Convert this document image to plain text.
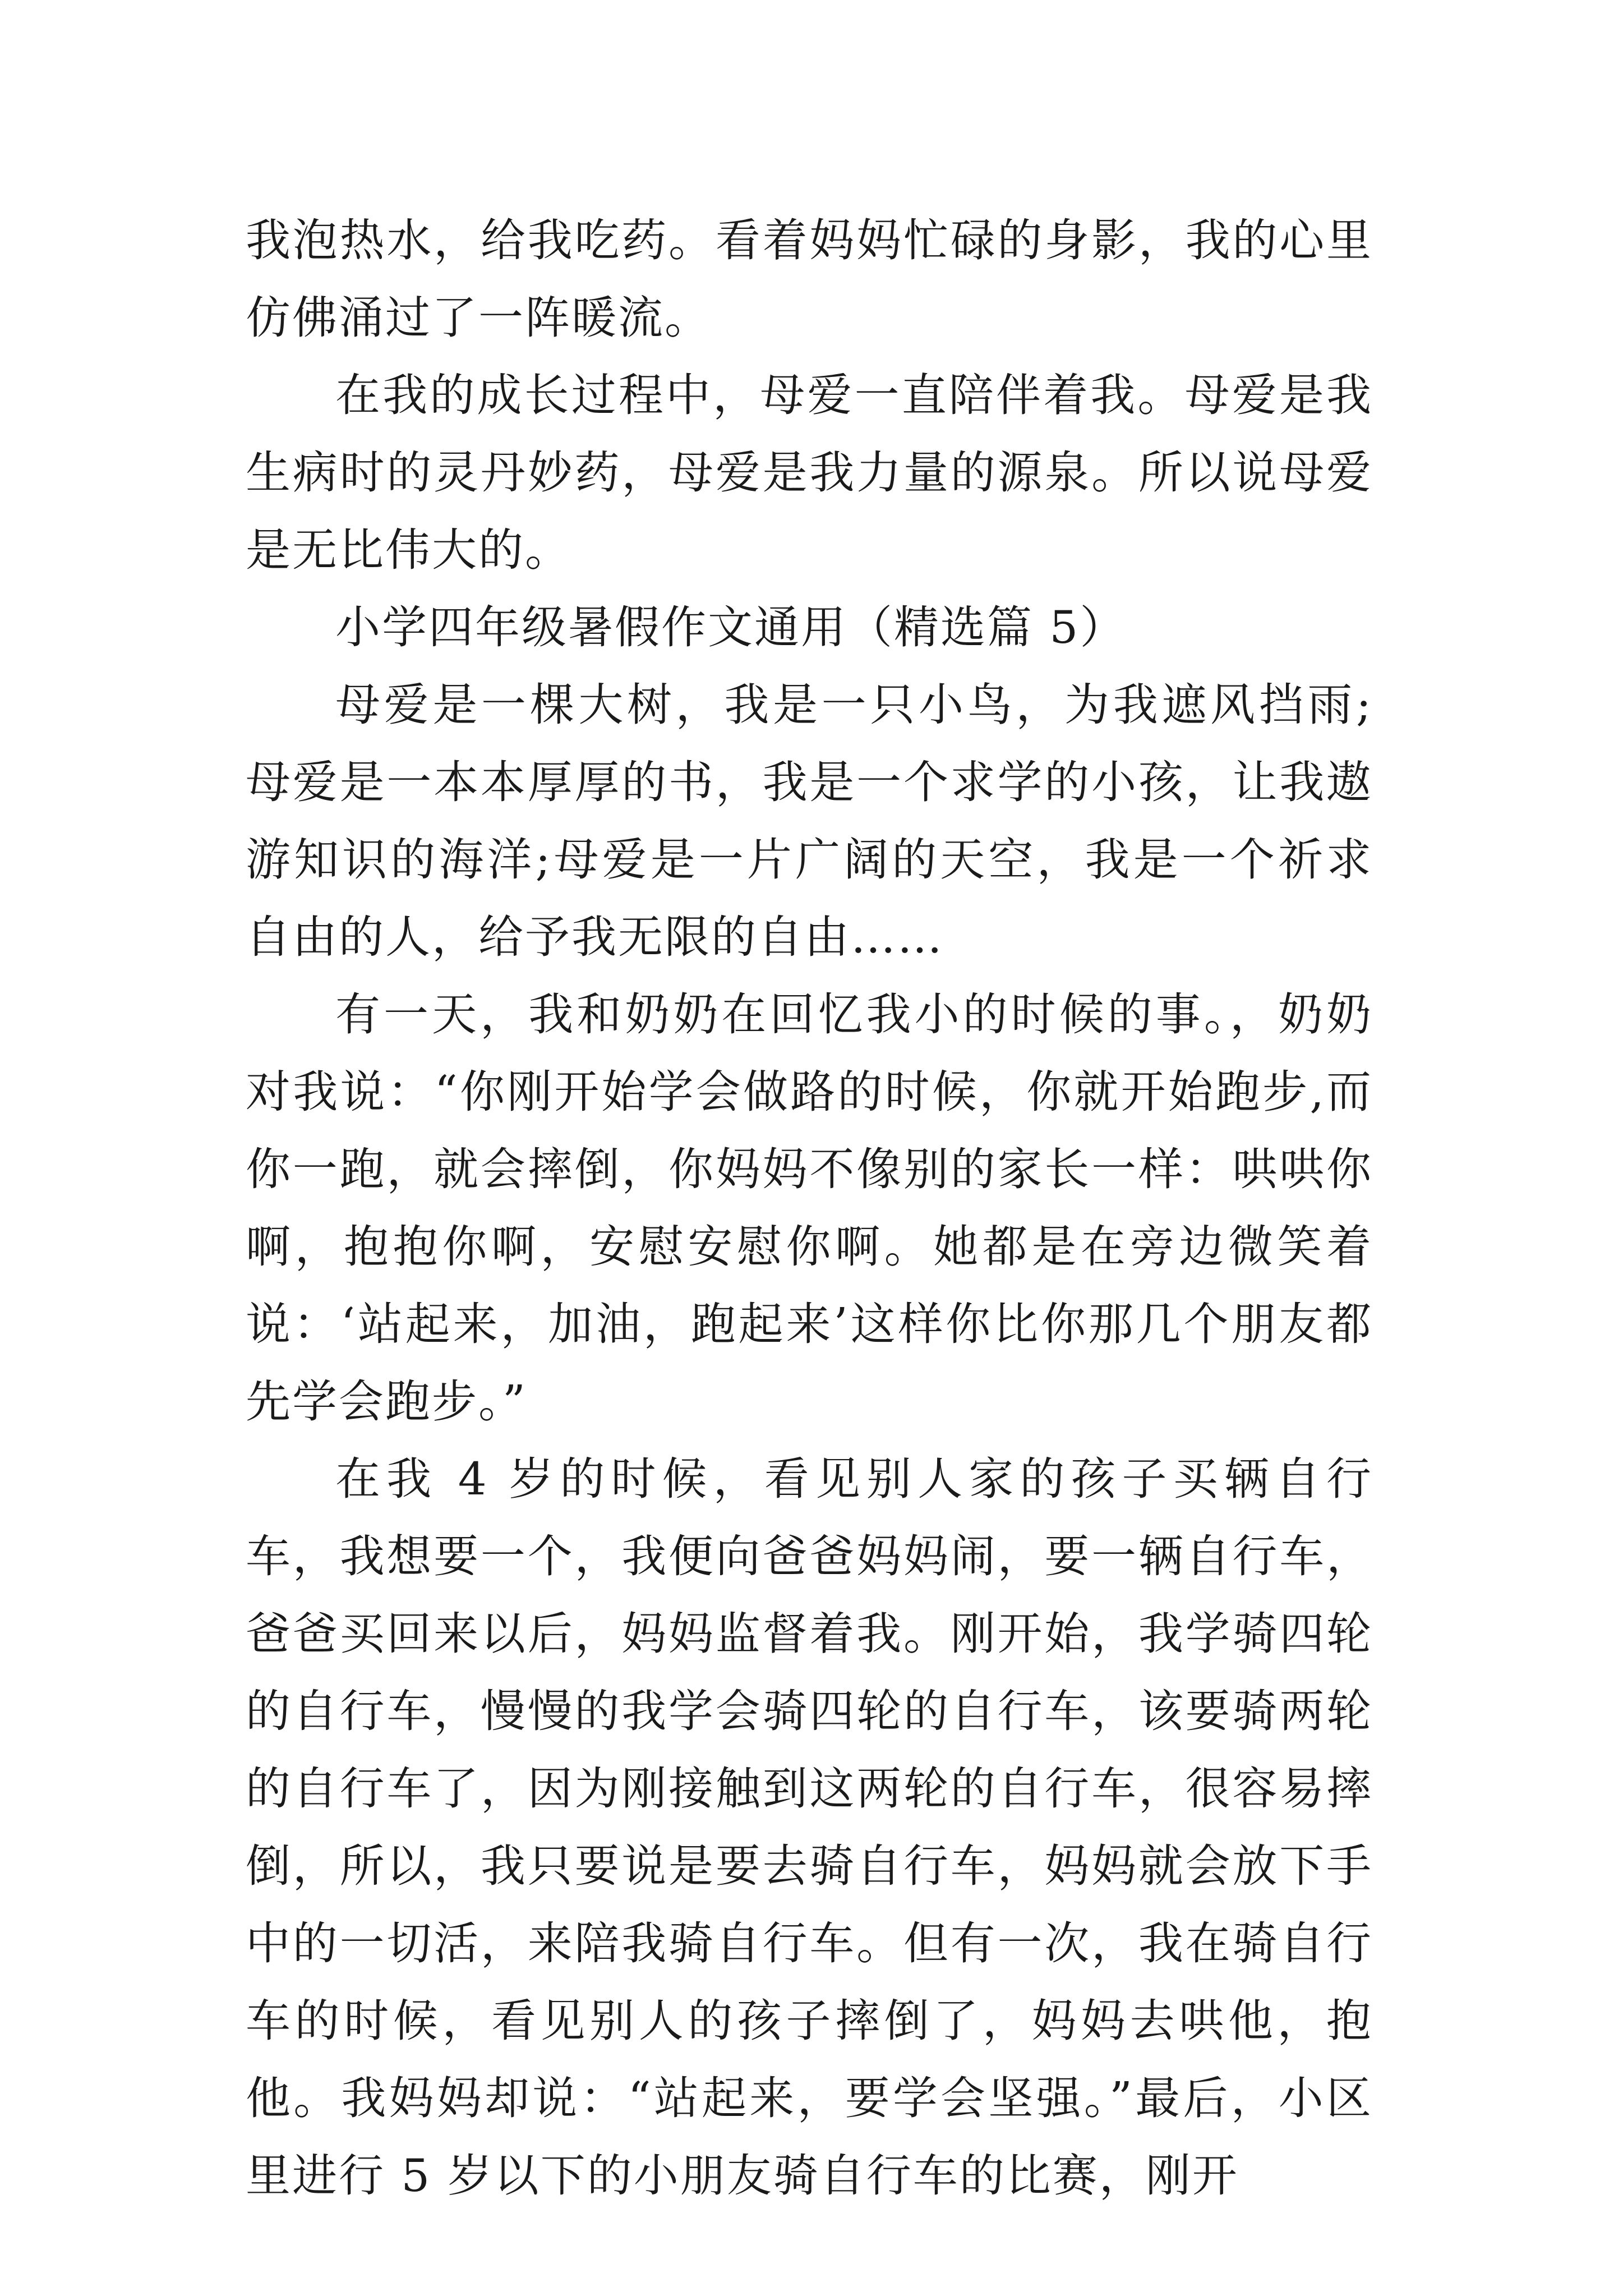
我泡热水，给我吃药。看着妈妈忙碌的身影，我的心里仿佛涌过了一阵暖流。

在我的成长过程中，母爱一直陪伴着我。母爱是我生病时的灵丹妙药，母爱是我力量的源泉。所以说母爱是无比伟大的。

小学四年级暑假作文通用（精选篇 5）

母爱是一棵大树，我是一只小鸟，为我遮风挡雨;母爱是一本本厚厚的书，我是一个求学的小孩，让我遨游知识的海洋;母爱是一片广阔的天空，我是一个祈求自由的人，给予我无限的自由……

有一天，我和奶奶在回忆我小的时候的事。，奶奶对我说：“你刚开始学会做路的时候，你就开始跑步,而你一跑，就会摔倒，你妈妈不像别的家长一样：哄哄你啊，抱抱你啊，安慰安慰你啊。她都是在旁边微笑着说：‘站起来，加油，跑起来’这样你比你那几个朋友都先学会跑步。”

在我 4 岁的时候，看见别人家的孩子买辆自行车，我想要一个，我便向爸爸妈妈闹，要一辆自行车，爸爸买回来以后，妈妈监督着我。刚开始，我学骑四轮的自行车，慢慢的我学会骑四轮的自行车，该要骑两轮的自行车了，因为刚接触到这两轮的自行车，很容易摔倒，所以，我只要说是要去骑自行车，妈妈就会放下手中的一切活，来陪我骑自行车。但有一次，我在骑自行车的时候，看见别人的孩子摔倒了，妈妈去哄他，抱他。我妈妈却说：“站起来，要学会坚强。”最后，小区里进行 5 岁以下的小朋友骑自行车的比赛，刚开
